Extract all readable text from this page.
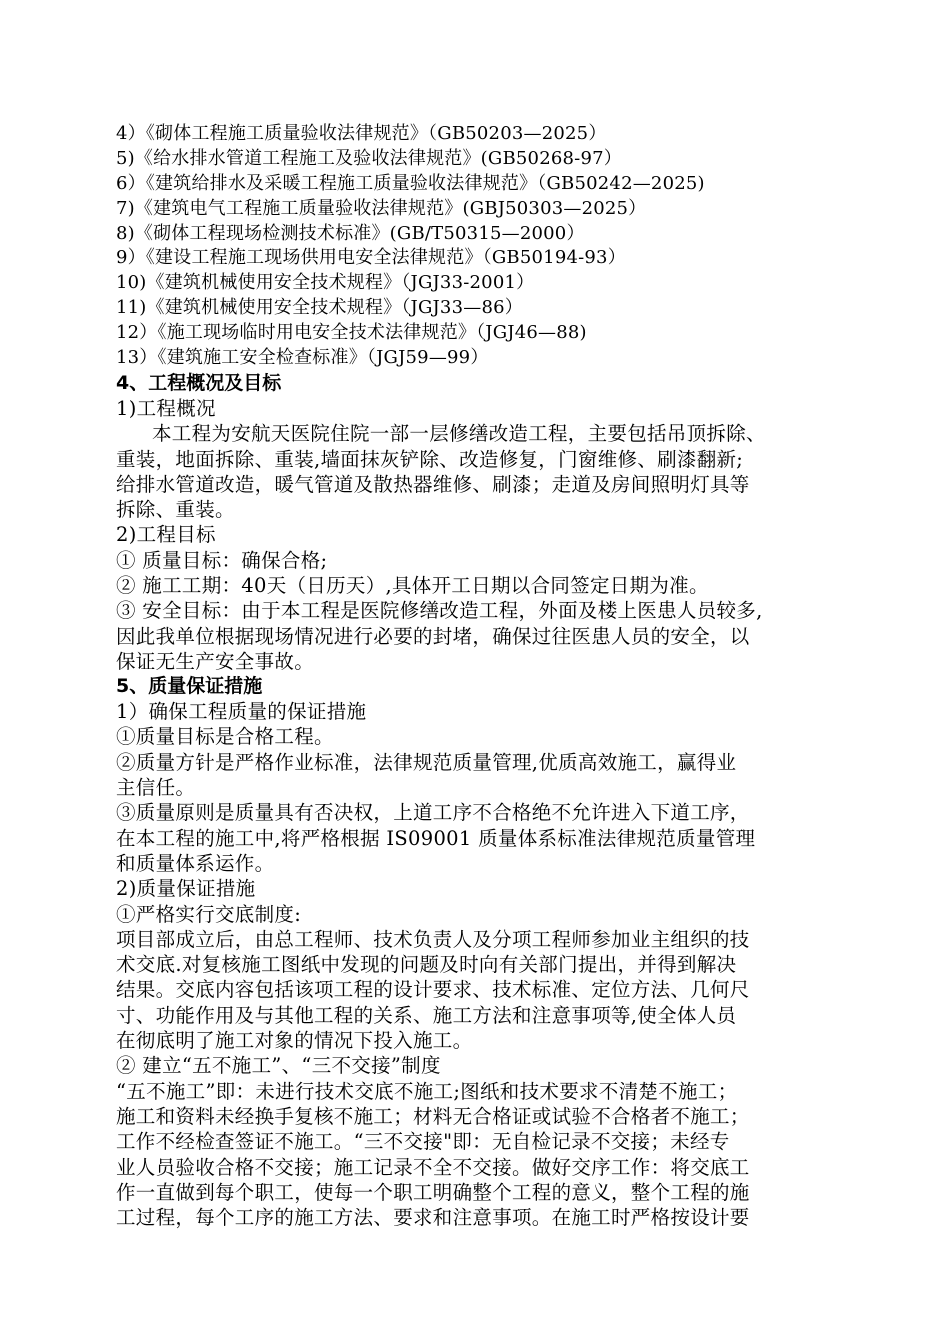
4）《砌体工程施工质量验收法律规范》（GB50203—2025）
5)《给水排水管道工程施工及验收法律规范》(GB50268-97）
6）《建筑给排水及采暖工程施工质量验收法律规范》（GB50242—2025)
7)《建筑电气工程施工质量验收法律规范》(GBJ50303—2025）
8)《砌体工程现场检测技术标准》(GB/T50315—2000）
9）《建设工程施工现场供用电安全法律规范》（GB50194-93）
10)《建筑机械使用安全技术规程》（JGJ33-2001）
11)《建筑机械使用安全技术规程》（JGJ33—86）
12）《施工现场临时用电安全技术法律规范》（JGJ46—88)
13）《建筑施工安全检查标准》（JGJ59—99）
4、工程概况及目标
1)工程概况
本工程为安航天医院住院一部一层修缮改造工程，主要包括吊顶拆除、
重装，地面拆除、重装,墙面抹灰铲除、改造修复，门窗维修、刷漆翻新;
给排水管道改造，暖气管道及散热器维修、刷漆；走道及房间照明灯具等
拆除、重装。
2)工程目标
① 质量目标：确保合格;
② 施工工期：40天（日历天）,具体开工日期以合同签定日期为准。
③ 安全目标：由于本工程是医院修缮改造工程，外面及楼上医患人员较多,
因此我单位根据现场情况进行必要的封堵，确保过往医患人员的安全，以
保证无生产安全事故。
5、质量保证措施
1）确保工程质量的保证措施
①质量目标是合格工程。
②质量方针是严格作业标准，法律规范质量管理,优质高效施工，赢得业
主信任。
③质量原则是质量具有否决权，上道工序不合格绝不允许进入下道工序，
在本工程的施工中,将严格根据 IS09001 质量体系标准法律规范质量管理
和质量体系运作。
2)质量保证措施
①严格实行交底制度:
项目部成立后，由总工程师、技术负责人及分项工程师参加业主组织的技
术交底.对复核施工图纸中发现的问题及时向有关部门提出，并得到解决
结果。交底内容包括该项工程的设计要求、技术标准、定位方法、几何尺
寸、功能作用及与其他工程的关系、施工方法和注意事项等,使全体人员
在彻底明了施工对象的情况下投入施工。
② 建立“五不施工”、“三不交接”制度
“五不施工”即：未进行技术交底不施工;图纸和技术要求不清楚不施工；
施工和资料未经换手复核不施工；材料无合格证或试验不合格者不施工；
工作不经检查签证不施工。“三不交接"即：无自检记录不交接；未经专
业人员验收合格不交接；施工记录不全不交接。做好交序工作：将交底工
作一直做到每个职工，使每一个职工明确整个工程的意义，整个工程的施
工过程，每个工序的施工方法、要求和注意事项。在施工时严格按设计要
